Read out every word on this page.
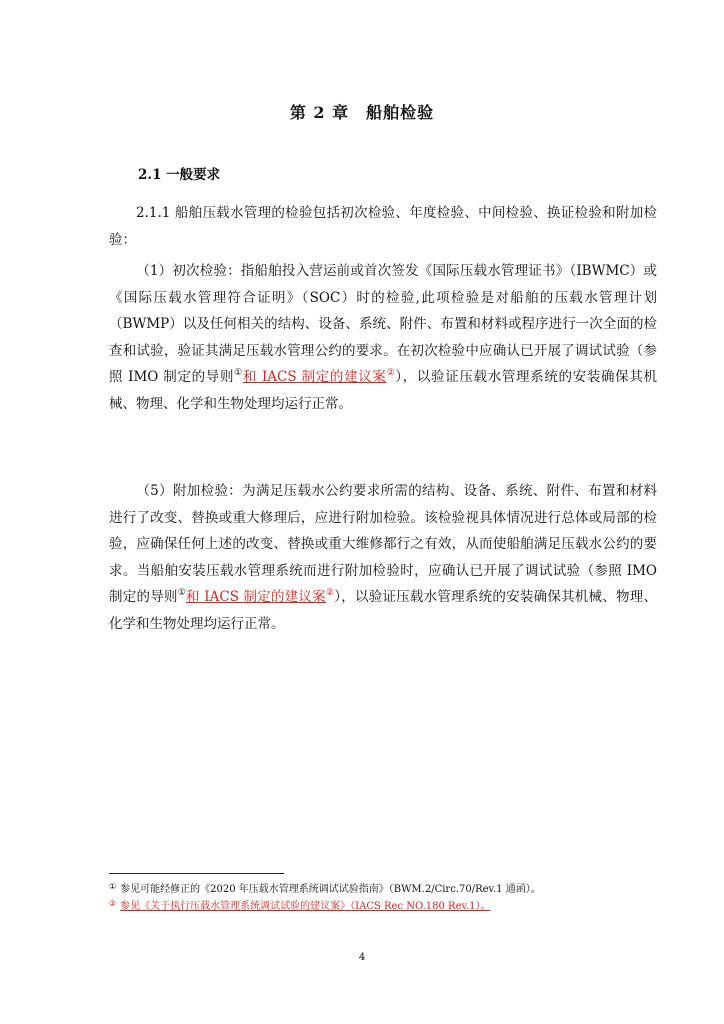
第 2 章　船舶检验
2.1 一般要求

2.1.1 船舶压载水管理的检验包括初次检验、年度检验、中间检验、换证检验和附加检验：

（1）初次检验：指船舶投入营运前或首次签发《国际压载水管理证书》（IBWMC）或《国际压载水管理符合证明》（SOC）时的检验,此项检验是对船舶的压载水管理计划（BWMP）以及任何相关的结构、设备、系统、附件、布置和材料或程序进行一次全面的检查和试验，验证其满足压载水管理公约的要求。在初次检验中应确认已开展了调试试验（参照 IMO 制定的导则①和 IACS 制定的建议案②），以验证压载水管理系统的安装确保其机械、物理、化学和生物处理均运行正常。

（5）附加检验：为满足压载水公约要求所需的结构、设备、系统、附件、布置和材料进行了改变、替换或重大修理后，应进行附加检验。该检验视具体情况进行总体或局部的检验，应确保任何上述的改变、替换或重大维修都行之有效，从而使船舶满足压载水公约的要求。当船舶安装压载水管理系统而进行附加检验时，应确认已开展了调试试验（参照 IMO 制定的导则①和 IACS 制定的建议案②），以验证压载水管理系统的安装确保其机械、物理、化学和生物处理均运行正常。

① 参见可能经修正的《2020 年压载水管理系统调试试验指南》（BWM.2/Circ.70/Rev.1 通函）。
② 参见《关于执行压载水管理系统调试试验的建议案》（IACS Rec NO.180 Rev.1）。
4
